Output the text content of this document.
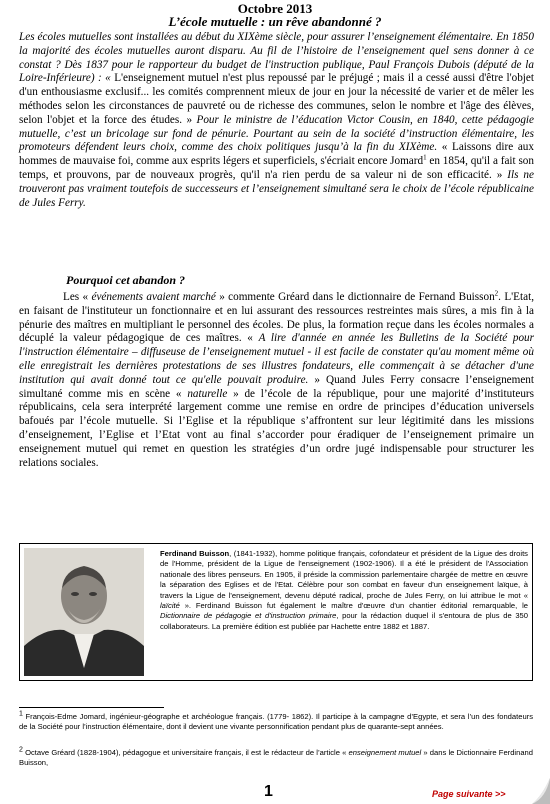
Octobre 2013
L’école mutuelle : un rêve abandonné ?
Les écoles mutuelles sont installées au début du XIXème siècle, pour assurer l’enseignement élémentaire. En 1850 la majorité des écoles mutuelles auront disparu. Au fil de l’histoire de l’enseignement quel sens donner à ce constat ? Dès 1837 pour le rapporteur du budget de l'instruction publique, Paul François Dubois (député de la Loire-Inférieure) : « L'enseignement mutuel n'est plus repoussé par le préjugé ; mais il a cessé aussi d'être l'objet d'un enthousiasme exclusif... les comités comprennent mieux de jour en jour la nécessité de varier et de mêler les méthodes selon les circonstances de pauvreté ou de richesse des communes, selon le nombre et l'âge des élèves, selon l'objet et la force des études. » Pour le ministre de l’éducation Victor Cousin, en 1840, cette pédagogie mutuelle, c’est un bricolage sur fond de pénurie. Pourtant au sein de la société d’instruction élémentaire, les promoteurs défendent leurs choix, comme des choix politiques jusqu’à la fin du XIXème. « Laissons dire aux hommes de mauvaise foi, comme aux esprits légers et superficiels, s'écriait encore Jomard$^1$ en 1854, qu'il a fait son temps, et prouvons, par de nouveaux progrès, qu'il n'a rien perdu de sa valeur ni de son efficacité. » Ils ne trouveront pas vraiment toutefois de successeurs et l’enseignement simultané sera le choix de l’école républicaine de Jules Ferry.
Pourquoi cet abandon ?
Les « événements avaient marché » commente Gréard dans le dictionnaire de Fernand Buisson$^2$. L'Etat, en faisant de l'instituteur un fonctionnaire et en lui assurant des ressources restreintes mais sûres, a mis fin à la pénurie des maîtres en multipliant le personnel des écoles. De plus, la formation reçue dans les écoles normales a décuplé la valeur pédagogique de ces maîtres. « A lire d'année en année les Bulletins de la Société pour l'instruction élémentaire – diffuseuse de l’enseignement mutuel - il est facile de constater qu'au moment même où elle enregistrait les dernières protestations de ses illustres fondateurs, elle commençait à se détacher d'une institution qui avait donné tout ce qu'elle pouvait produire. » Quand Jules Ferry consacre l’enseignement simultané comme mis en scène « naturelle » de l’école de la république, pour une majorité d’instituteurs républicains, cela sera interprété largement comme une remise en ordre de principes d’éducation universels bafoués par l’école mutuelle. Si l’Eglise et la république s’affrontent sur leur légitimité dans les missions d’enseignement, l’Eglise et l’Etat vont au final s’accorder pour éradiquer de l’enseignement primaire un enseignement mutuel qui remet en question les stratégies d’un ordre jugé indispensable pour structurer les relations sociales.
Ferdinand Buisson, (1841-1932), homme politique français, cofondateur et président de la Ligue des droits de l'Homme, président de la Ligue de l'enseignement (1902-1906). Il a été le président de l'Association nationale des libres penseurs. En 1905, il préside la commission parlementaire chargée de mettre en œuvre la séparation des Eglises et de l'Etat. Célèbre pour son combat en faveur d'un enseignement laïque, à travers la Ligue de l'enseignement, devenu député radical, proche de Jules Ferry, on lui attribue le mot « laïcité ». Ferdinand Buisson fut également le maître d'œuvre d'un chantier éditorial remarquable, le Dictionnaire de pédagogie et d'instruction primaire, pour la rédaction duquel il s'entoura de plus de 350 collaborateurs. La première édition est publiée par Hachette entre 1882 et 1887.
$^1$ François-Edme Jomard, ingénieur-géographe et archéologue français. (1779- 1862). Il participe à la campagne d’Egypte, et sera l’un des fondateurs de la Société pour l’instruction élémentaire, dont il devient une vivante personnification pendant plus de quarante-sept années.
$^2$ Octave Gréard (1828-1904), pédagogue et universitaire français, il est le rédacteur de l’article « enseignement mutuel » dans le Dictionnaire Ferdinand Buisson,
1	Page suivante >>
